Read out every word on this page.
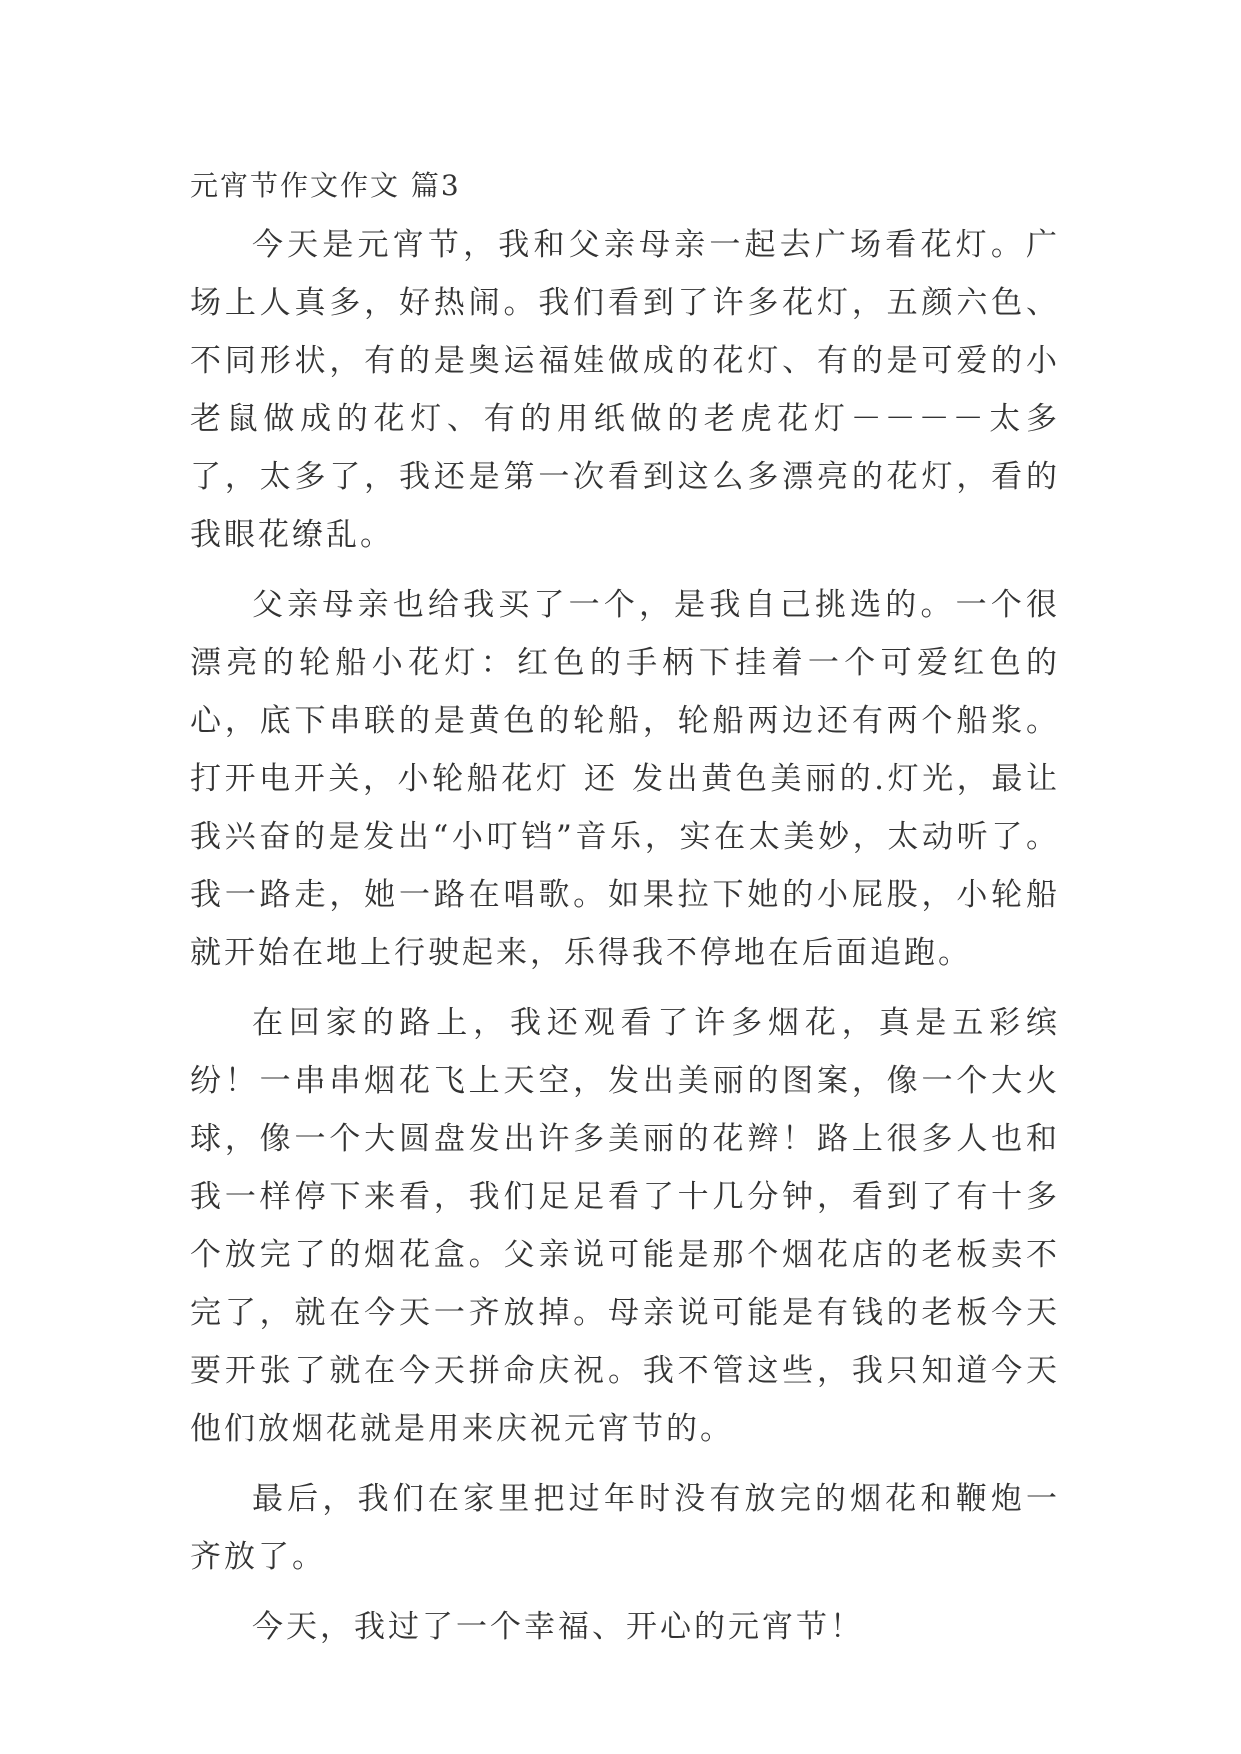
元宵节作文作文 篇3

今天是元宵节，我和父亲母亲一起去广场看花灯。广场上人真多，好热闹。我们看到了许多花灯，五颜六色、不同形状，有的是奥运福娃做成的花灯、有的是可爱的小老鼠做成的花灯、有的用纸做的老虎花灯－－－－太多了，太多了，我还是第一次看到这么多漂亮的花灯，看的我眼花缭乱。

父亲母亲也给我买了一个，是我自己挑选的。一个很漂亮的轮船小花灯：红色的手柄下挂着一个可爱红色的心，底下串联的是黄色的轮船，轮船两边还有两个船浆。打开电开关，小轮船花灯 还 发出黄色美丽的.灯光，最让我兴奋的是发出“小叮铛”音乐，实在太美妙，太动听了。我一路走，她一路在唱歌。如果拉下她的小屁股，小轮船就开始在地上行驶起来，乐得我不停地在后面追跑。

在回家的路上，我还观看了许多烟花，真是五彩缤纷！一串串烟花飞上天空，发出美丽的图案，像一个大火球，像一个大圆盘发出许多美丽的花辫！路上很多人也和我一样停下来看，我们足足看了十几分钟，看到了有十多个放完了的烟花盒。父亲说可能是那个烟花店的老板卖不完了，就在今天一齐放掉。母亲说可能是有钱的老板今天要开张了就在今天拼命庆祝。我不管这些，我只知道今天他们放烟花就是用来庆祝元宵节的。

最后，我们在家里把过年时没有放完的烟花和鞭炮一齐放了。

今天，我过了一个幸福、开心的元宵节！
